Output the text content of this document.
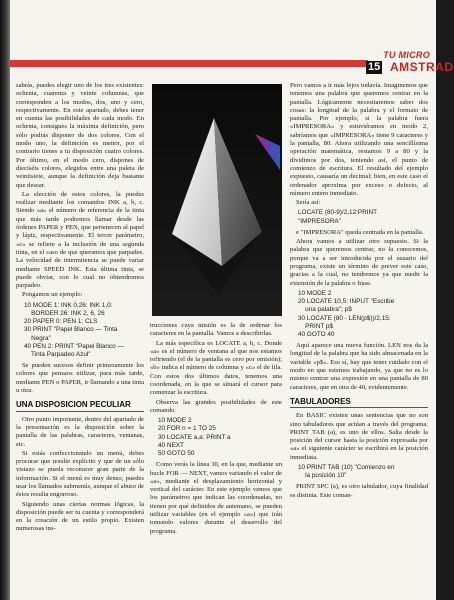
TU MICRO
15 AMSTRAD

sabrás, puedes elegir uno de los tres existentes: ochenta, cuarenta y veinte columnas, que corresponden a los modos, dos, uno y cero, respectivamente. En este apartado, debes tener en cuenta las posibilidades de cada modo. En ochenta, consigues la máxima definición, pero sólo podrás disponer de dos colores. Con el modo uno, la definición es menor, por el contrario tienes a tu disposición cuatro colores. Por último, en el modo cero, dispones de dieciséis colores, elegidos entre una paleta de veintisiete, aunque la definición deja bastante que desear.

La elección de estos colores, la puedes realizar mediante los comandos INK a, b, c. Siendo «a» el número de referencia de la tinta que más tarde podremos llamar desde las órdenes PAPER y PEN, que pertenecen al papel y lápiz, respectivamente. El tercer parámetro, «c» se refiere a la inclusión de una segunda tinta, en el caso de que queramos que parpadee. La velocidad de intermitencia se puede variar mediante SPEED INK. Esta última tinta, se puede obviar, con lo cual no obtendremos parpadeo.

Pongamos un ejemplo:

10 MODE 1: INK 0,26: INK 1,0:
BORDER 26: INK 2, 6, 26
20 PAPER 0: PEN 1: CLS
30 PRINT "Papel Blanco — Tinta
Negra"
40 PEN 2: PRINT "Papel Blanco —
Tinta Parpadeo Azul"

Se pueden sucesos definir primeramente los colores que pensaos utilizar, para más tarde, mediante PEN o PAPER, ir llamando a una tinta u otra.

UNA DISPOSICION PECULIAR

Otro punto importante, dentro del apartado de la presentación es la disposición sobre la pantalla de las palabras, caracteres, ventanas, etc.

Si estás confeccionando un menú, debes procurar que resulte explícito y que de un sólo vistazo se pueda reconocer gran parte de la información. Si el menú es muy denso, puedes usar los llamados submenús, aunque el abuso de éstos resulta engorroso.

Siguiendo unas ciertas normas lógicas, la disposición puede ser tu cuenta y corresponderá en la creación de un estilo propio. Existen numerosas ins-

trucciones cuya misión es la de ordenar los caracteres en la pantalla. Vamos a describirlas.

La más específica es LOCATE a, b, c. Donde «a» es el número de ventana al que nos estamos refiriendo (el de la pantalla es cero por omisión); «b» indica el número de columna y «c» el de fila. Con estos dos últimos datos, tenemos una coordenada, en la que se situará el cursor para comenzar la escritura.

Observa las grandes posibilidades de este comando.

10 MODE 2
20 FOR n = 1 TO 25
30 LOCATE a,a: PRINT a
40 NEXT
50 GOTO 50

Como verás la línea 30, en la que, mediante un bucle FOR — NEXT, vamos variando el valor de «a», mediante el desplazamiento horizontal y vertical del carácter. En este ejemplo vemos que los parámetros que indican las coordenadas, no tienen por qué definidos de antemano, se pueden utilizar variables (en el ejemplo «a») que irán tomando valores durante el desarrollo del programa.

Pero vamos a ir más lejos todavía. Imaginemos que tenemos una palabra que queremos centrar en la pantalla. Lógicamente necesitaremos saber dos cosas: la longitud de la palabra y el formato de pantalla. Por ejemplo, si la palabra fuera «IMPRESORA» y estuviéramos en modo 2, sabríamos que «IMPRESORA» tiene 9 caracteres y la pantalla, 80. Ahora utilizando una sencillísima operación matemática, restamos 9 a 80 y la dividimos por dos, teniendo así, el punto de comienzo de escritura. El resultado del ejemplo expuesto, causaría un decimal; bien, en este caso el ordenador aproxima por exceso o defecto, al número entero inmediato.

Sería así:

LOCATE (80-9)/2,12:PRINT
"IMPRESORA"

e "IMPRESORA" queda centrada en la pantalla.

Ahora vamos a utilizar otro supuesto. Si la palabra que queremos centrar, no la conocemos, porque va a ser introducida por el usuario del programa, existe un término de prever este caso, gracias a la cual, no tendremos ya que medir la extensión de la palabra o frase.

10 MODE 2
20 LOCATE 10,5: INPUT "Escribe
una palabra"; p$
30 LOCATE (80 - LEN(p$))/2,15:
PRINT p$
40 GOTO 40

Aquí aparece una nueva función. LEN nos da la longitud de la palabra que ha sido almacenada en la variable «p$». Eso sí, hay que tener cuidado con el modo en que estemos trabajando, ya que no es lo mismo centrar una expresión en una pantalla de 80 caracteres, que en otra de 40, evidentemente.

TABULADORES

En BASIC existen unas sentencias que no son sino tabuladores que actúan a través del programa. PRINT TAB (a), es uno de ellos. Salta desde la posición del cursor hasta la posición expresada por «a» el siguiente carácter se escribirá en la posición inmediata.

10 PRINT TAB (10) "Comienzo en
la posición 10"

PRINT SPC (a), es otro tabulador, cuya finalidad es distinta. Este coman-
